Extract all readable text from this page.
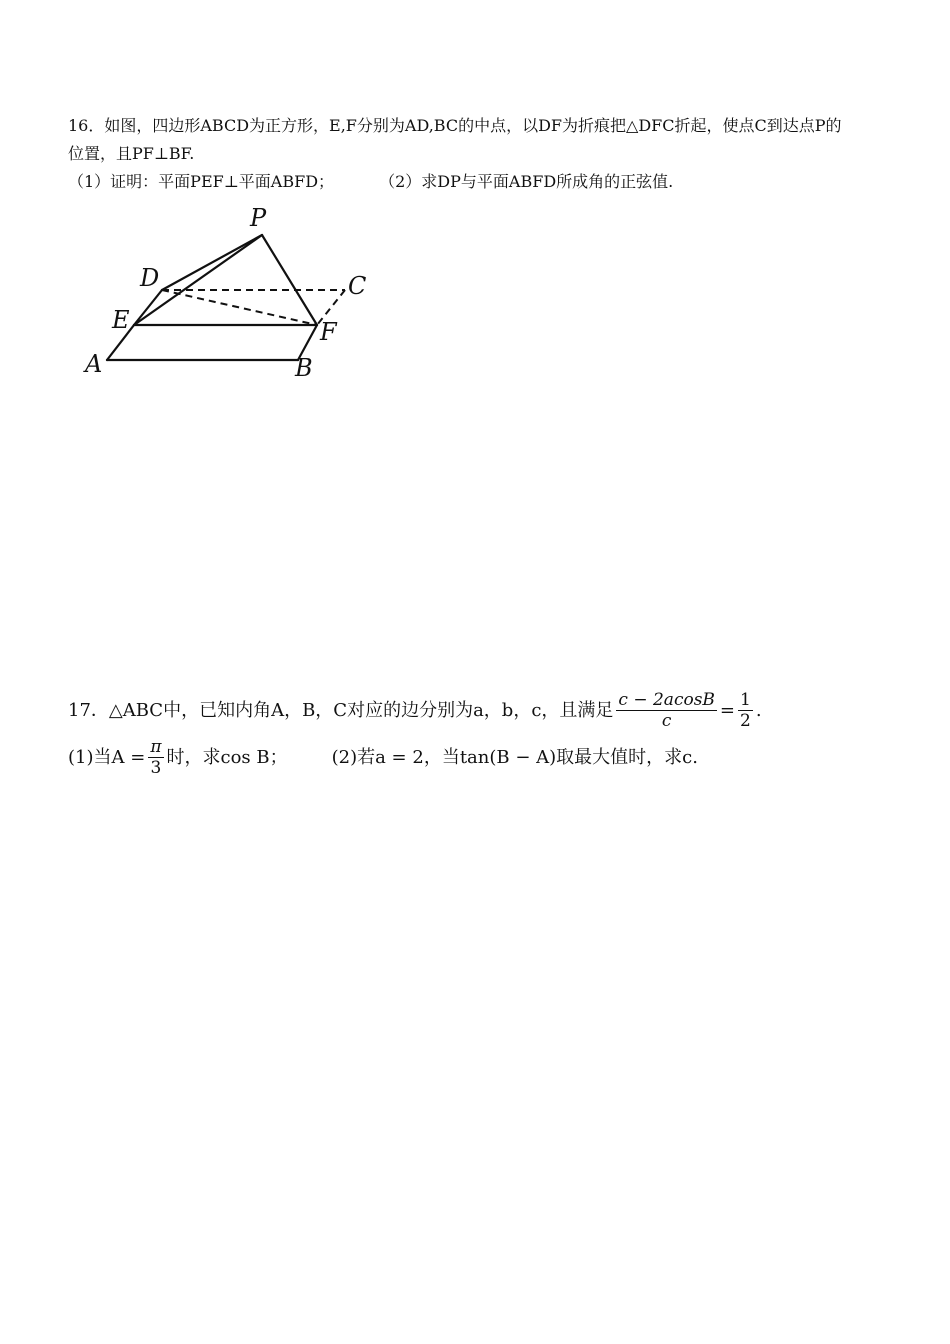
16．如图，四边形ABCD为正方形，E,F分别为AD,BC的中点，以DF为折痕把△DFC折起，使点C到达点P的
位置，且PF⊥BF.
（1）证明：平面PEF⊥平面ABFD；	（2）求DP与平面ABFD所成角的正弦值.
P
D	C
E	F
A	B
17．△ABC中，已知内角A，B，C对应的边分别为a，b，c，且满足 $\frac{c - 2acosB}{c} = \frac{1}{2}$ .
(1)当$A = \frac{\pi}{3}$ 时，求cos B； (2)若a = 2，当tan(B − A)取最大值时，求c.
